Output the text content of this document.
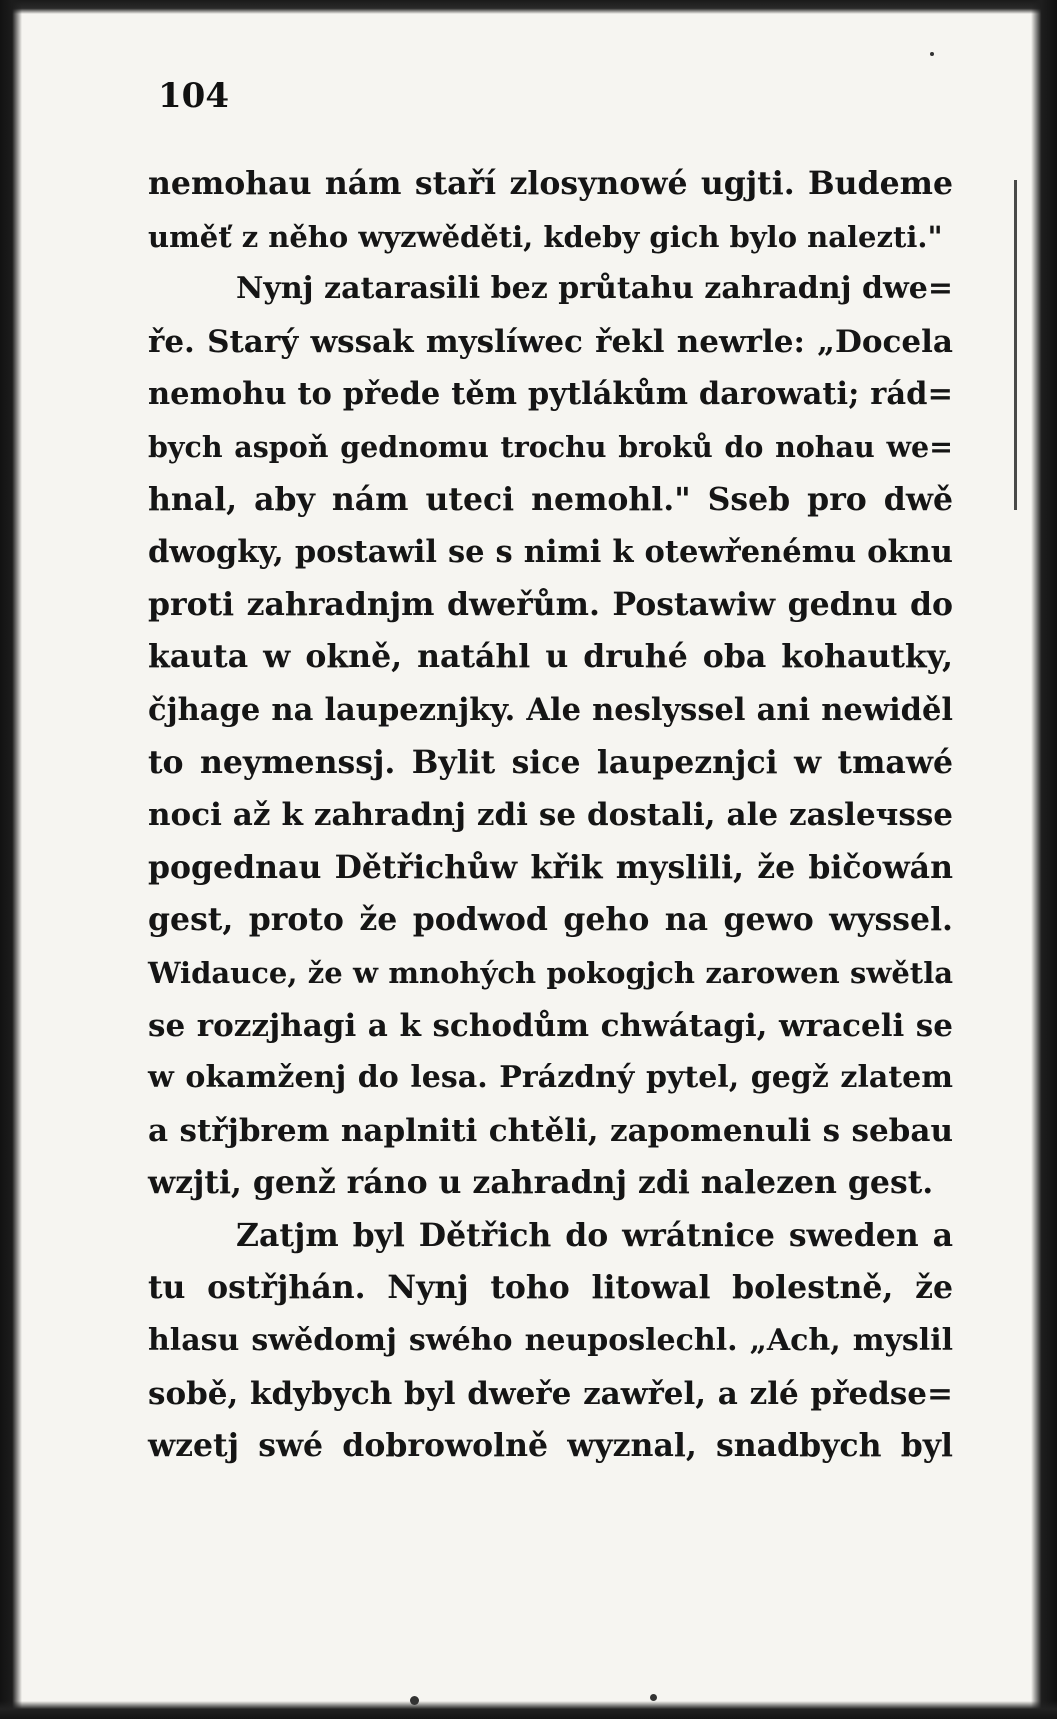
104

nemohau nám staří zlosynowé ugjti. Budeme
uměť z něho wyzwěděti, kdeby gich bylo nalezti."
Nynj zatarasili bez průtahu zahradnj dwe=
ře. Starý wssak myslíwec řekl newrle: „Docela
nemohu to přede těm pytlákům darowati; rád=
bych aspoň gednomu trochu broků do nohau we=
hnal, aby nám uteci nemohl." Sseb pro dwě
dwogky, postawil se s nimi k otewřenému oknu
proti zahradnjm dweřům. Postawiw gednu do
kauta w okně, natáhl u druhé oba kohautky,
čjhage na laupeznjky. Ale neslyssel ani newiděl
to neymenssj. Bylit sice laupeznjci w tmawé
noci až k zahradnj zdi se dostali, ale zasleчsse
pogednau Dětřichůw křik myslili, že bičowán
gest, proto že podwod geho na gewo wyssel.
Widauce, že w mnohých pokogjch zarowen swětla
se rozzjhagi a k schodům chwátagi, wraceli se
w okamženj do lesa. Prázdný pytel, gegž zlatem
a střjbrem naplniti chtěli, zapomenuli s sebau
wzjti, genž ráno u zahradnj zdi nalezen gest.
Zatjm byl Dětřich do wrátnice sweden a
tu ostřjhán. Nynj toho litowal bolestně, že
hlasu swědomj swého neuposlechl. „Ach, myslil
sobě, kdybych byl dweře zawřel, a zlé předse=
wzetj swé dobrowolně wyznal, snadbych byl
